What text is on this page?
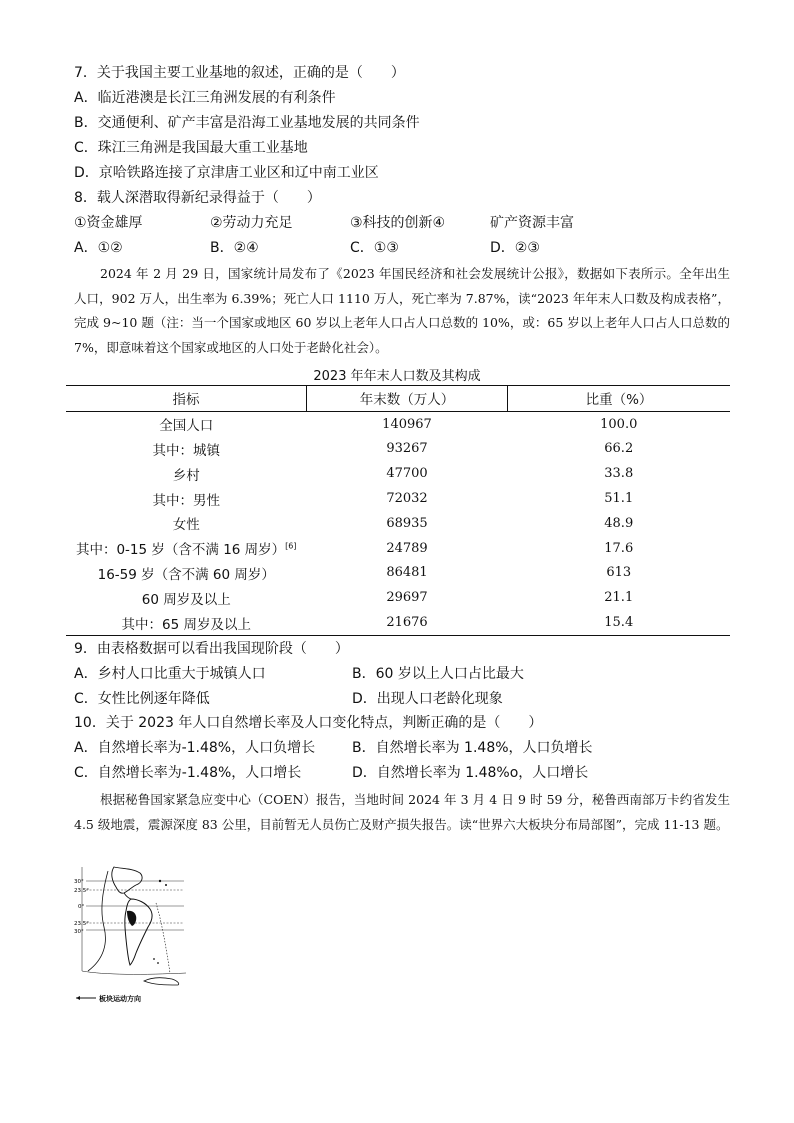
7．关于我国主要工业基地的叙述，正确的是（　　）
A．临近港澳是长江三角洲发展的有利条件
B．交通便利、矿产丰富是沿海工业基地发展的共同条件
C．珠江三角洲是我国最大重工业基地
D．京哈铁路连接了京津唐工业区和辽中南工业区
8．载人深潜取得新纪录得益于（　　）
①资金雄厚	②劳动力充足	③科技的创新④	矿产资源丰富
A．①②	B．②④	C．①③	D．②③

2024 年 2 月 29 日，国家统计局发布了《2023 年国民经济和社会发展统计公报》，数据如下表所示。全年出生人口，902 万人，出生率为 6.39%；死亡人口 1110 万人，死亡率为 7.87%，读“2023 年年末人口数及构成表格”，完成 9~10 题（注：当一个国家或地区 60 岁以上老年人口占人口总数的 10%，或：65 岁以上老年人口占人口总数的 7%，即意味着这个国家或地区的人口处于老龄化社会）。

2023 年年末人口数及其构成
指标	年末数（万人）	比重（%）
全国人口	140967	100.0
其中：城镇	93267	66.2
乡村	47700	33.8
其中：男性	72032	51.1
女性	68935	48.9
其中：0-15 岁（含不满 16 周岁）[6]	24789	17.6
16-59 岁（含不满 60 周岁）	86481	613
60 周岁及以上	29697	21.1
其中：65 周岁及以上	21676	15.4
9．由表格数据可以看出我国现阶段（　　）
A．乡村人口比重大于城镇人口	B．60 岁以上人口占比最大
C．女性比例逐年降低	D．出现人口老龄化现象
10．关于 2023 年人口自然增长率及人口变化特点，判断正确的是（　　）
A．自然增长率为-1.48%，人口负增长	B．自然增长率为 1.48%，人口负增长
C．自然增长率为-1.48%，人口增长	D．自然增长率为 1.48%o，人口增长

根据秘鲁国家紧急应变中心（COEN）报告，当地时间 2024 年 3 月 4 日 9 时 59 分，秘鲁西南部万卡约省发生 4.5 级地震，震源深度 83 公里，目前暂无人员伤亡及财产损失报告。读“世界六大板块分布局部图”，完成 11-13 题。

30°
23.5°
0°
23.5°
30°
板块运动方向
